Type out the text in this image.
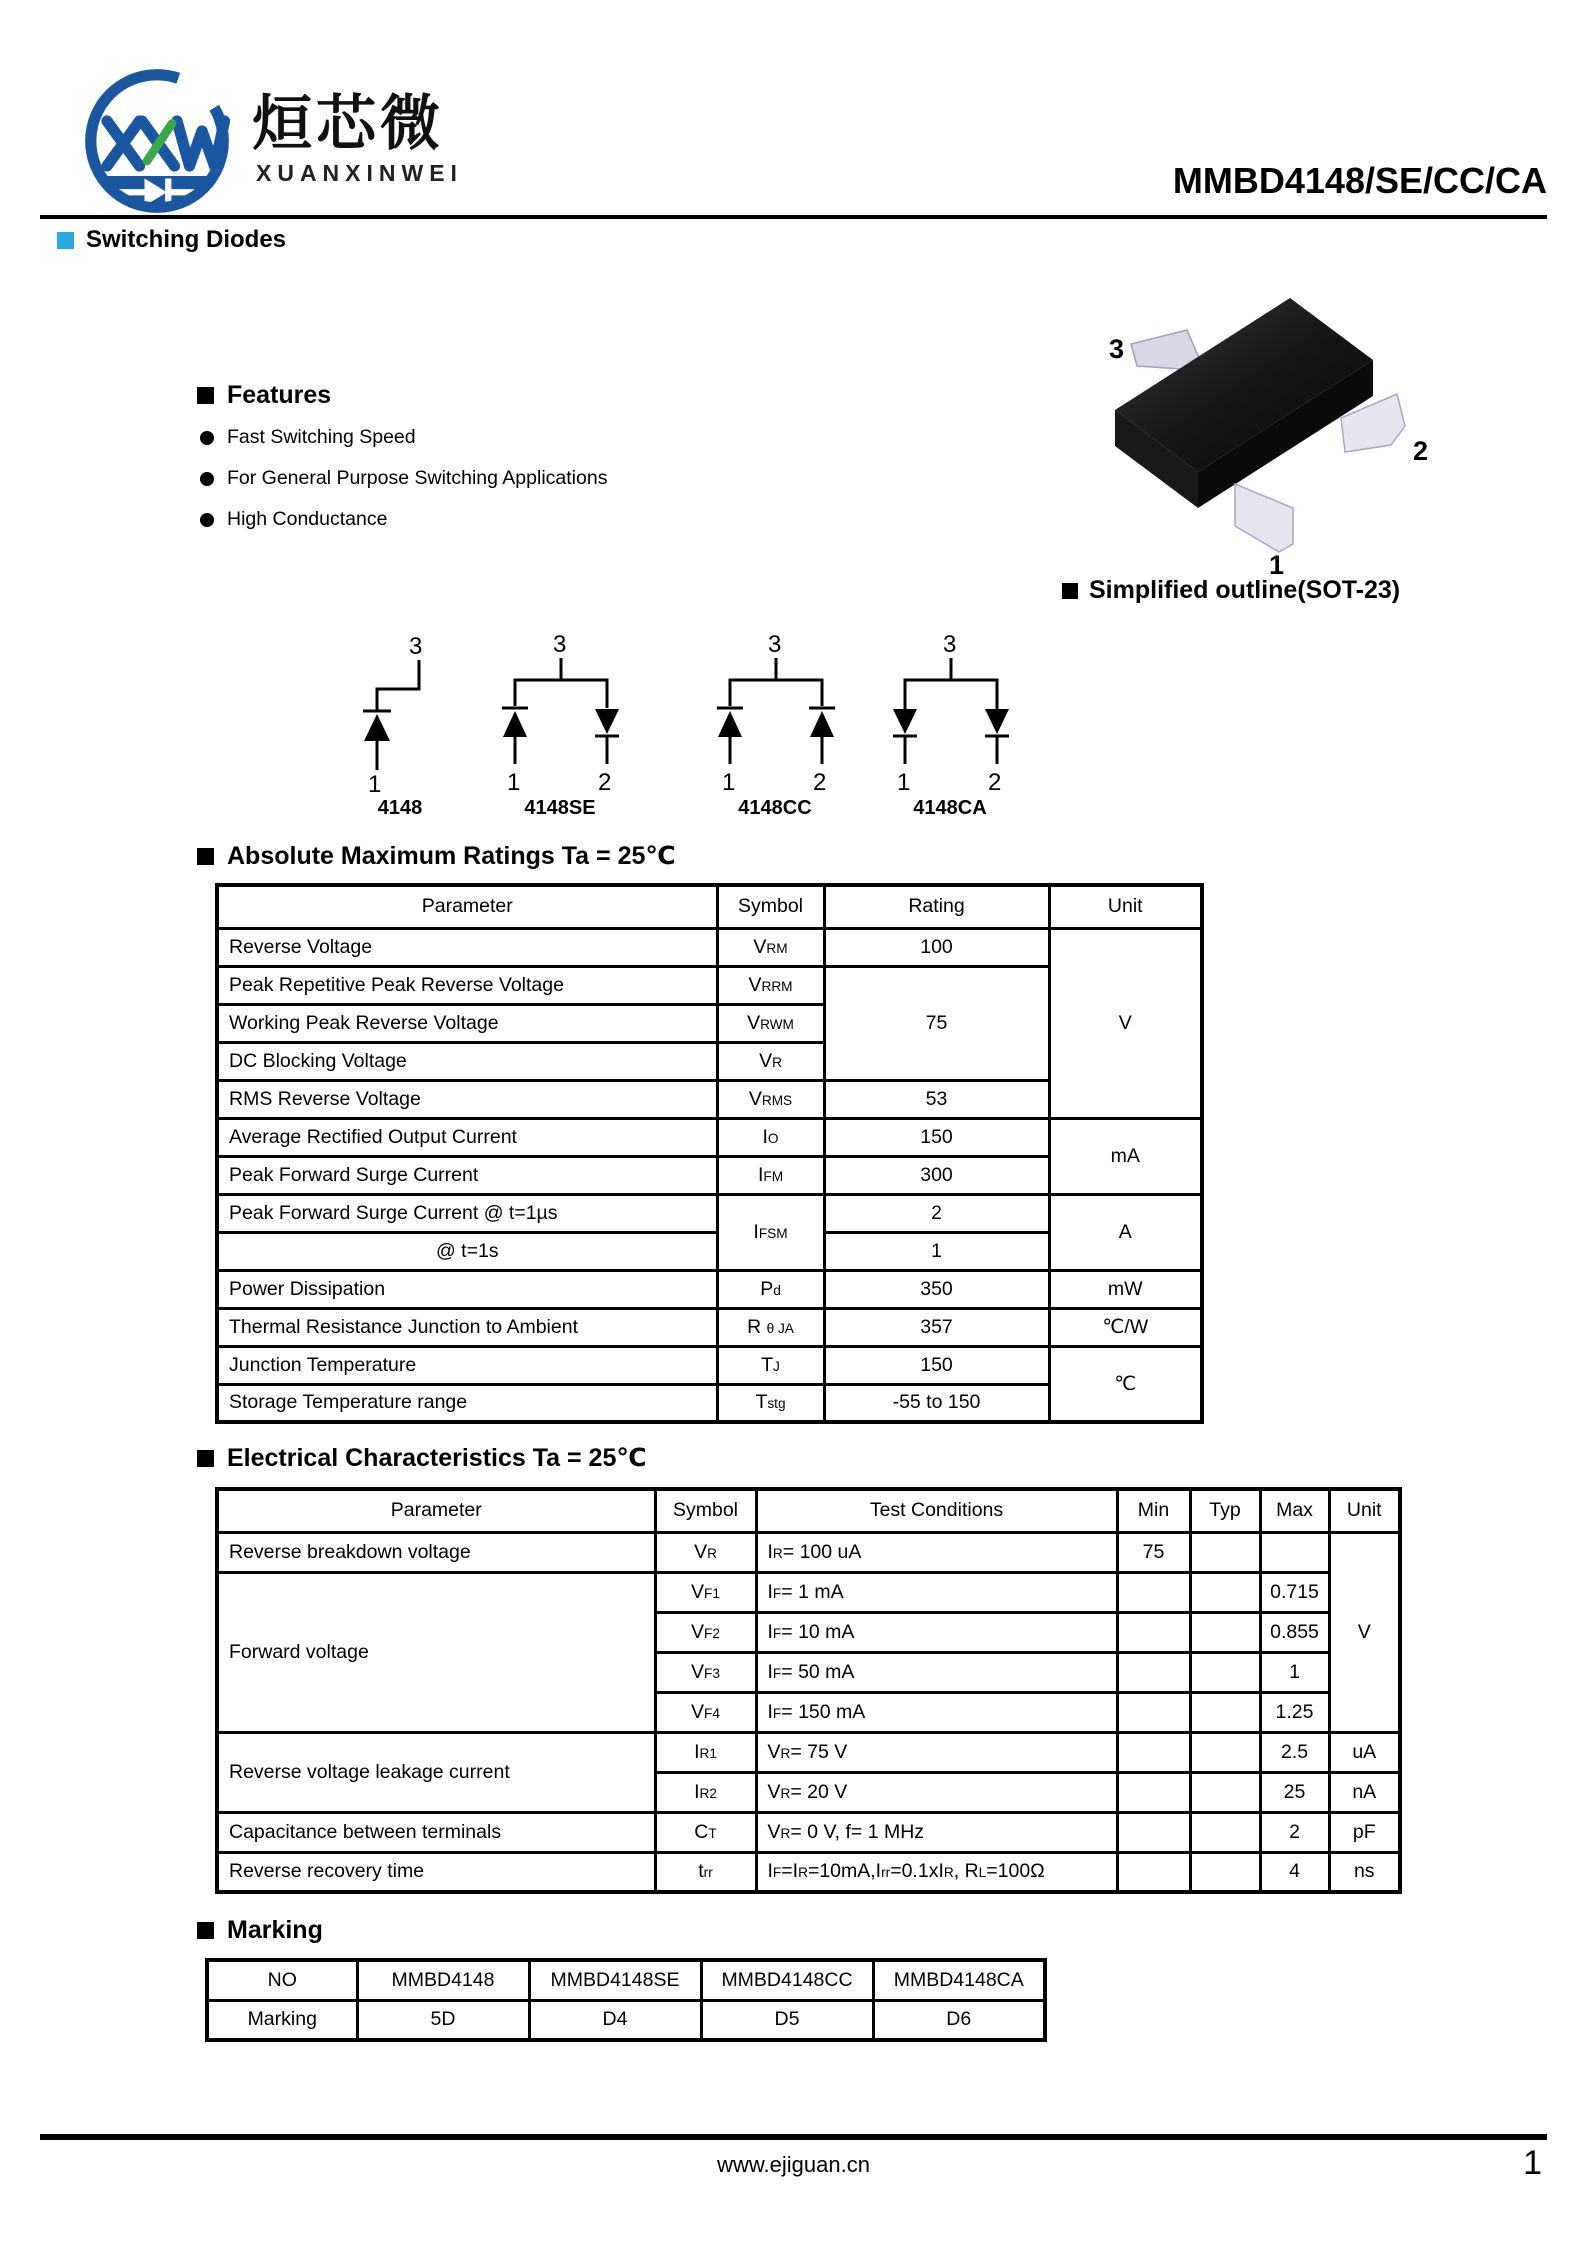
烜芯微
XUANXINWEI	MMBD4148/SE/CC/CA
Switching Diodes
Features
Fast Switching Speed
For General Purpose Switching Applications
High Conductance
3
2
1
Simplified outline(SOT-23)
3
1
4148
3
1	2
4148SE
3
1	2
4148CC
3
1	2
4148CA
Absolute Maximum Ratings Ta = 25℃
Parameter	Symbol	Rating	Unit
Reverse Voltage	VRM	100	V
Peak Repetitive Peak Reverse Voltage	VRRM	75	
Working Peak Reverse Voltage	VRWM		
DC Blocking Voltage	VR		
RMS Reverse Voltage	VRMS	53	
Average Rectified Output Current	IO	150	mA
Peak Forward Surge Current	IFM	300	
Peak Forward Surge Current @ t=1µs	IFSM	2	A
@ t=1s		1	
Power Dissipation	Pd	350	mW
Thermal Resistance Junction to Ambient	R θ JA	357	℃/W
Junction Temperature	TJ	150	℃
Storage Temperature range	Tstg	-55 to 150	
Electrical Characteristics Ta = 25℃
Parameter	Symbol	Test Conditions	Min	Typ	Max	Unit
Reverse breakdown voltage	VR	IR= 100 uA	75			V
Forward voltage	VF1	IF= 1 mA			0.715	
	VF2	IF= 10 mA			0.855	
	VF3	IF= 50 mA			1	
	VF4	IF= 150 mA			1.25	
Reverse voltage leakage current	IR1	VR= 75 V			2.5	uA
	IR2	VR= 20 V			25	nA
Capacitance between terminals	CT	VR= 0 V, f= 1 MHz			2	pF
Reverse recovery time	trr	IF=IR=10mA,Irr=0.1xIR, RL=100Ω			4	ns
Marking
NO	MMBD4148	MMBD4148SE	MMBD4148CC	MMBD4148CA
Marking	5D	D4	D5	D6
www.ejiguan.cn	1
